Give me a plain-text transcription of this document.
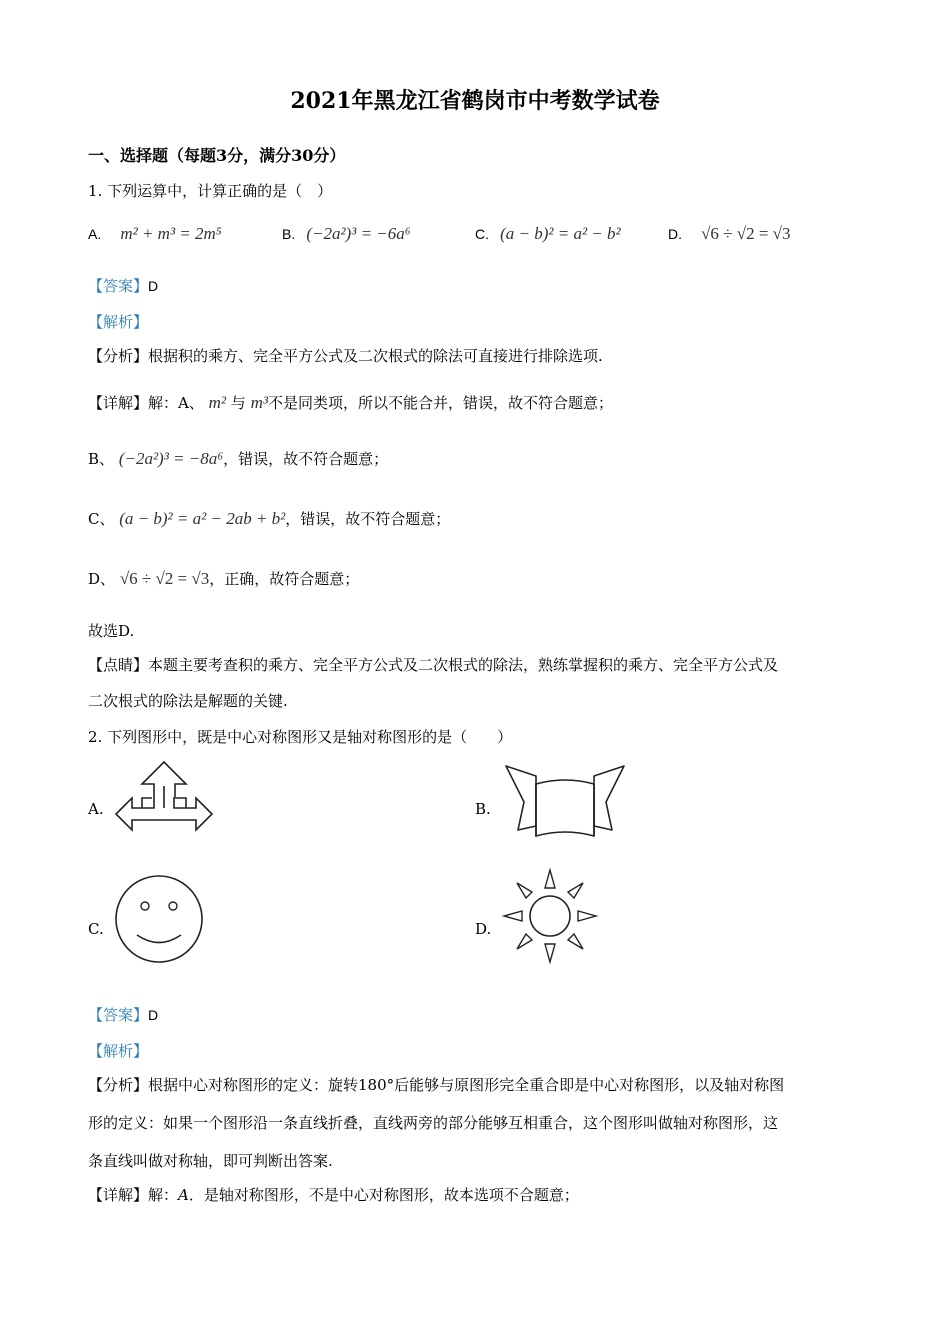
2021年黑龙江省鹤岗市中考数学试卷
一、选择题（每题3分，满分30分）
1. 下列运算中，计算正确的是（　）
A. m² + m³ = 2m⁵	B. (−2a²)³ = −6a⁶	C. (a − b)² = a² − b²	D. √6 ÷ √2 = √3
【答案】D
【解析】
【分析】根据积的乘方、完全平方公式及二次根式的除法可直接进行排除选项.
【详解】解：A、 m² 与 m³不是同类项，所以不能合并，错误，故不符合题意；
B、 (−2a²)³ = −8a⁶，错误，故不符合题意；
C、 (a − b)² = a² − 2ab + b²，错误，故不符合题意；
D、 √6 ÷ √2 = √3，正确，故符合题意；
故选D.
【点睛】本题主要考查积的乘方、完全平方公式及二次根式的除法，熟练掌握积的乘方、完全平方公式及
二次根式的除法是解题的关键.
2. 下列图形中，既是中心对称图形又是轴对称图形的是（　　）
A.	B.
C.	D.
【答案】D
【解析】
【分析】根据中心对称图形的定义：旋转180°后能够与原图形完全重合即是中心对称图形，以及轴对称图
形的定义：如果一个图形沿一条直线折叠，直线两旁的部分能够互相重合，这个图形叫做轴对称图形，这
条直线叫做对称轴，即可判断出答案.
【详解】解：A．是轴对称图形，不是中心对称图形，故本选项不合题意；
